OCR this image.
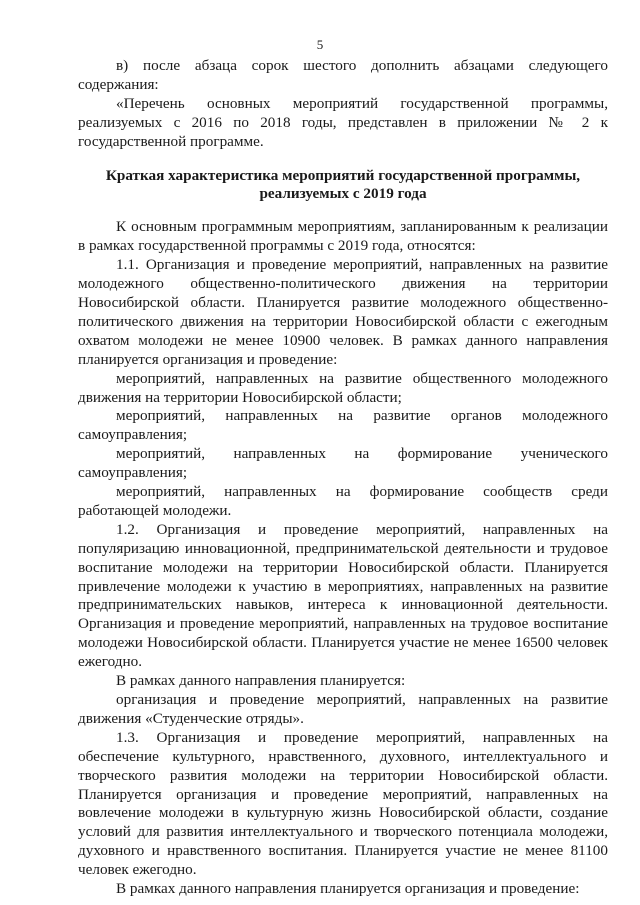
5

в) после абзаца сорок шестого дополнить абзацами следующего содержания:

«Перечень основных мероприятий государственной программы, реализуемых с 2016 по 2018 годы, представлен в приложении № 2 к государственной программе.

Краткая характеристика мероприятий государственной программы,
реализуемых с 2019 года

К основным программным мероприятиям, запланированным к реализации в рамках государственной программы с 2019 года, относятся:

1.1. Организация и проведение мероприятий, направленных на развитие молодежного общественно-политического движения на территории Новосибирской области. Планируется развитие молодежного общественно-политического движения на территории Новосибирской области с ежегодным охватом молодежи не менее 10900 человек. В рамках данного направления планируется организация и проведение:

мероприятий, направленных на развитие общественного молодежного движения на территории Новосибирской области;

мероприятий, направленных на развитие органов молодежного самоуправления;

мероприятий, направленных на формирование ученического самоуправления;

мероприятий, направленных на формирование сообществ среди работающей молодежи.

1.2. Организация и проведение мероприятий, направленных на популяризацию инновационной, предпринимательской деятельности и трудовое воспитание молодежи на территории Новосибирской области. Планируется привлечение молодежи к участию в мероприятиях, направленных на развитие предпринимательских навыков, интереса к инновационной деятельности. Организация и проведение мероприятий, направленных на трудовое воспитание молодежи Новосибирской области. Планируется участие не менее 16500 человек ежегодно.

В рамках данного направления планируется:

организация и проведение мероприятий, направленных на развитие движения «Студенческие отряды».

1.3. Организация и проведение мероприятий, направленных на обеспечение культурного, нравственного, духовного, интеллектуального и творческого развития молодежи на территории Новосибирской области. Планируется организация и проведение мероприятий, направленных на вовлечение молодежи в культурную жизнь Новосибирской области, создание условий для развития интеллектуального и творческого потенциала молодежи, духовного и нравственного воспитания. Планируется участие не менее 81100 человек ежегодно.

В рамках данного направления планируется организация и проведение:
